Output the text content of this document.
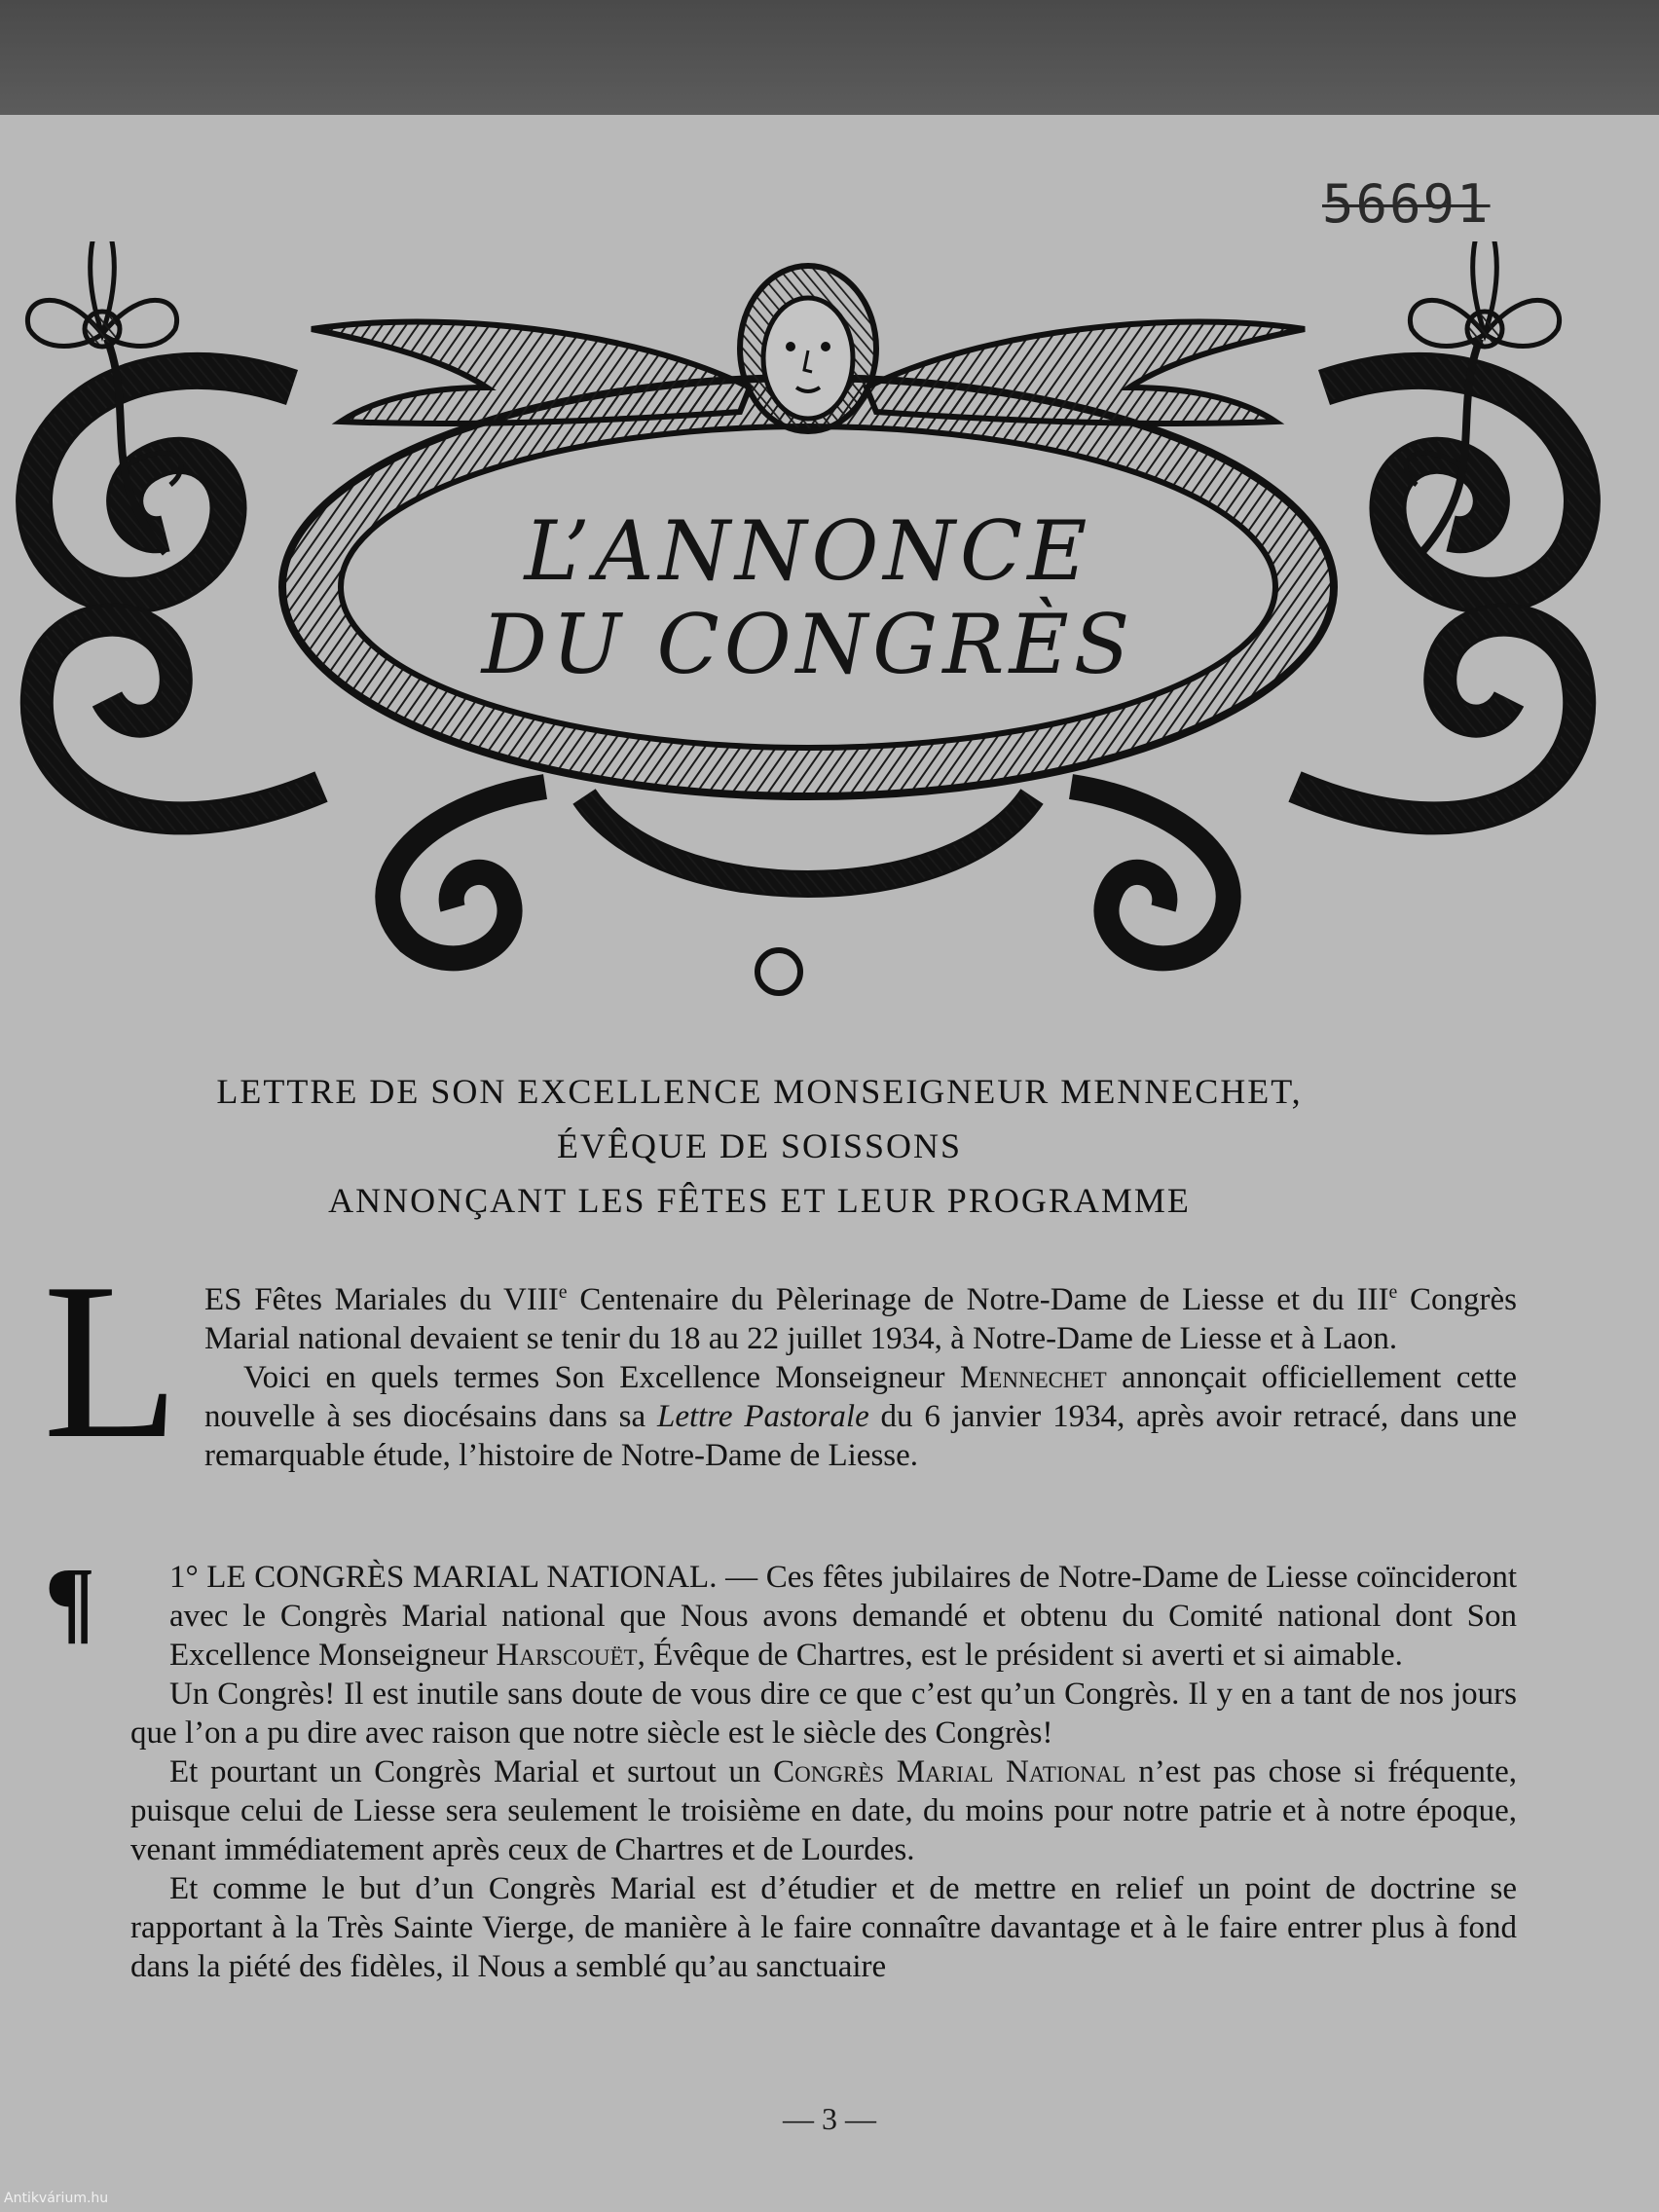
56691
L’ANNONCE
DU CONGRÈS
LETTRE DE SON EXCELLENCE MONSEIGNEUR MENNECHET,
ÉVÊQUE DE SOISSONS
ANNONÇANT LES FÊTES ET LEUR PROGRAMME
L ES Fêtes Mariales du VIIIe Centenaire du Pèlerinage de Notre-Dame de Liesse et du IIIe Congrès Marial national devaient se tenir du 18 au 22 juillet 1934, à Notre-Dame de Liesse et à Laon.

Voici en quels termes Son Excellence Monseigneur Mennechet annonçait officiellement cette nouvelle à ses diocésains dans sa Lettre Pastorale du 6 janvier 1934, après avoir retracé, dans une remarquable étude, l’histoire de Notre-Dame de Liesse.

¶	1° LE CONGRÈS MARIAL NATIONAL. — Ces fêtes jubilaires de Notre-Dame de Liesse coïncideront avec le Congrès Marial national que Nous avons demandé et obtenu du Comité national dont Son Excellence Monseigneur Harscouët, Évêque de Chartres, est le président si averti et si aimable.

Un Congrès! Il est inutile sans doute de vous dire ce que c’est qu’un Congrès. Il y en a tant de nos jours que l’on a pu dire avec raison que notre siècle est le siècle des Congrès!

Et pourtant un Congrès Marial et surtout un Congrès Marial National n’est pas chose si fréquente, puisque celui de Liesse sera seulement le troisième en date, du moins pour notre patrie et à notre époque, venant immédiatement après ceux de Chartres et de Lourdes.

Et comme le but d’un Congrès Marial est d’étudier et de mettre en relief un point de doctrine se rapportant à la Très Sainte Vierge, de manière à le faire connaître davantage et à le faire entrer plus à fond dans la piété des fidèles, il Nous a semblé qu’au sanctuaire

— 3 —
Antikvárium.hu
